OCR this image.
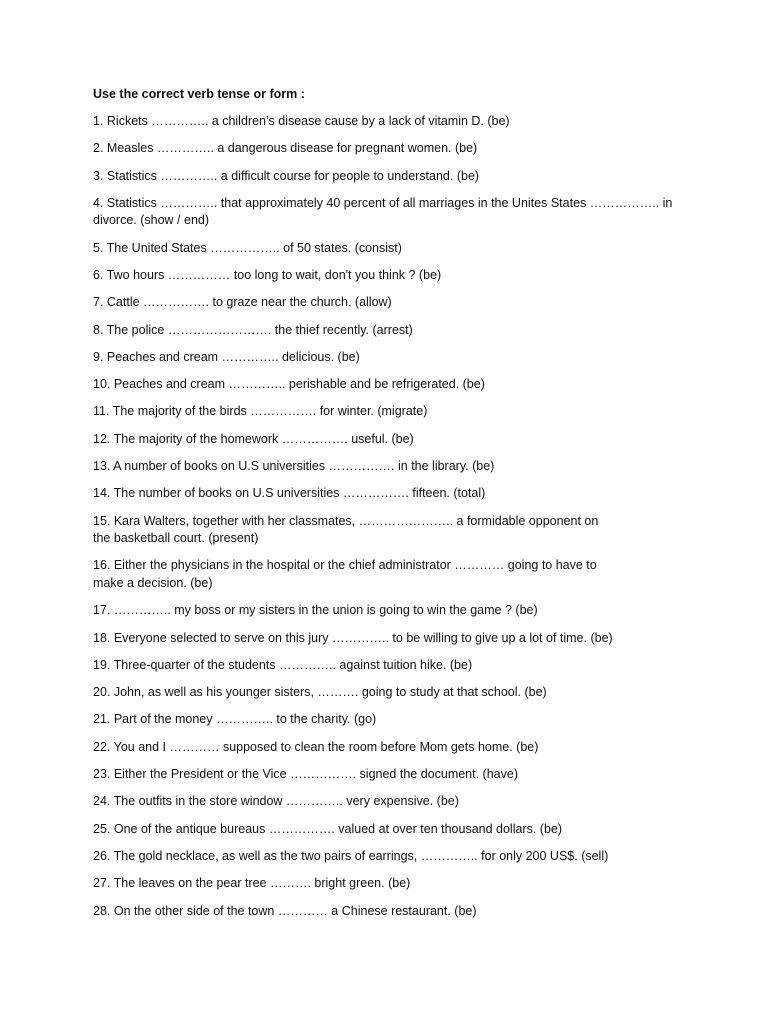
Use the correct verb tense or form :
1. Rickets ………….. a children’s disease cause by a lack of vitamin D. (be)
2. Measles ………….. a dangerous disease for pregnant women. (be)
3. Statistics ………….. a difficult course for people to understand. (be)
4. Statistics ………….. that approximately 40 percent of all marriages in the Unites States …………….. in
divorce. (show / end)
5. The United States …………….. of 50 states. (consist)
6. Two hours …………… too long to wait, don't you think ? (be)
7. Cattle ……………. to graze near the church. (allow)
8. The police ……………………. the thief recently. (arrest)
9. Peaches and cream ………….. delicious. (be)
10. Peaches and cream ………….. perishable and be refrigerated. (be)
11. The majority of the birds ……………. for winter. (migrate)
12. The majority of the homework ……………. useful. (be)
13. A number of books on U.S universities ……………. in the library. (be)
14. The number of books on U.S universities ……………. fifteen. (total)
15. Kara Walters, together with her classmates, ………………….. a formidable opponent on
the basketball court. (present)
16. Either the physicians in the hospital or the chief administrator ………… going to have to
make a decision. (be)
17. ………….. my boss or my sisters in the union is going to win the game ? (be)
18. Everyone selected to serve on this jury ………….. to be willing to give up a lot of time. (be)
19. Three-quarter of the students ………….. against tuition hike. (be)
20. John, as well as his younger sisters, ………. going to study at that school. (be)
21. Part of the money ………….. to the charity. (go)
22. You and I ………… supposed to clean the room before Mom gets home. (be)
23. Either the President or the Vice ……………. signed the document. (have)
24. The outfits in the store window ………….. very expensive. (be)
25. One of the antique bureaus ……………. valued at over ten thousand dollars. (be)
26. The gold necklace, as well as the two pairs of earrings, ………….. for only 200 US$. (sell)
27. The leaves on the pear tree ………. bright green. (be)
28. On the other side of the town ………… a Chinese restaurant. (be)
